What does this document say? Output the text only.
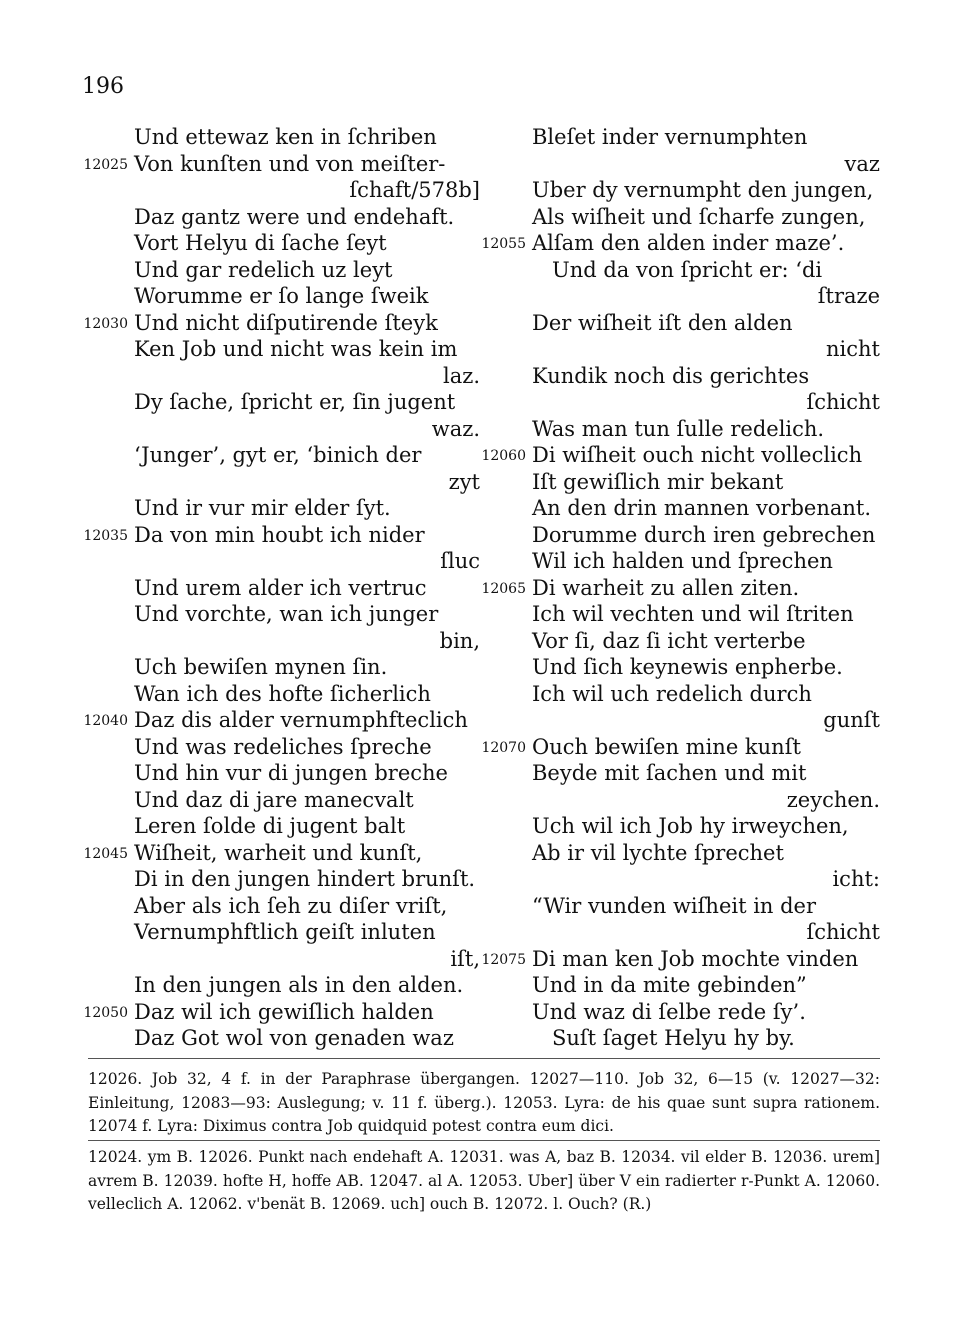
196
Und ettewaz ken in ſchriben
12025 Von kunſten und von meiſter-
ſchaft/578b]
Daz gantz were und endehaft.
Vort Helyu di ſache ſeyt
Und gar redelich uz leyt
Worumme er ſo lange ſweik
12030 Und nicht diſputirende ſteyk
Ken Job und nicht was kein im
laz.
Dy ſache, ſpricht er, ſin jugent
waz.
‘Junger’, gyt er, ‘binich der
zyt
Und ir vur mir elder ſyt.
12035 Da von min houbt ich nider
ſluc
Und urem alder ich vertruc
Und vorchte, wan ich junger
bin,
Uch bewiſen mynen ſin.
Wan ich des hofte ſicherlich
12040 Daz dis alder vernumphfteclich
Und was redeliches ſpreche
Und hin vur di jungen breche
Und daz di jare manecvalt
Leren ſolde di jugent balt
12045 Wiſheit, warheit und kunſt,
Di in den jungen hindert brunſt.
Aber als ich ſeh zu diſer vriſt,
Vernumphftlich geiſt inluten
iſt,
In den jungen als in den alden.
12050 Daz wil ich gewiſlich halden
Daz Got wol von genaden waz
Bleſet inder vernumphten
vaz
Uber dy vernumpht den jungen,
Als wiſheit und ſcharfe zungen,
12055 Alſam den alden inder maze’.
Und da von ſpricht er: ‘di
ſtraze
Der wiſheit iſt den alden
nicht
Kundik noch dis gerichtes
ſchicht
Was man tun ſulle redelich.
12060 Di wiſheit ouch nicht volleclich
Iſt gewiſlich mir bekant
An den drin mannen vorbenant.
Dorumme durch iren gebrechen
Wil ich halden und ſprechen
12065 Di warheit zu allen ziten.
Ich wil vechten und wil ſtriten
Vor ſi, daz ſi icht verterbe
Und ſich keynewis enpherbe.
Ich wil uch redelich durch
gunſt
12070 Ouch bewiſen mine kunſt
Beyde mit ſachen und mit
zeychen.
Uch wil ich Job hy irweychen,
Ab ir vil lychte ſprechet
icht:
“Wir vunden wiſheit in der
ſchicht
12075 Di man ken Job mochte vinden
Und in da mite gebinden”
Und waz di ſelbe rede ſy’.
Suſt ſaget Helyu hy by.

12026. Job 32, 4 f. in der Paraphrase übergangen. 12027—110. Job 32, 6—15 (v. 12027—32: Einleitung, 12083—93: Auslegung; v. 11 f. überg.). 12053. Lyra: de his quae sunt supra rationem. 12074 f. Lyra: Diximus contra Job quidquid potest contra eum dici.

12024. ym B. 12026. Punkt nach endehaft A. 12031. was A, baz B. 12034. vil elder B. 12036. urem] avrem B. 12039. hofte H, hoffe AB. 12047. al A. 12053. Uber] über V ein radierter r-Punkt A. 12060. velleclich A. 12062. v'benät B. 12069. uch] ouch B. 12072. l. Ouch? (R.)
